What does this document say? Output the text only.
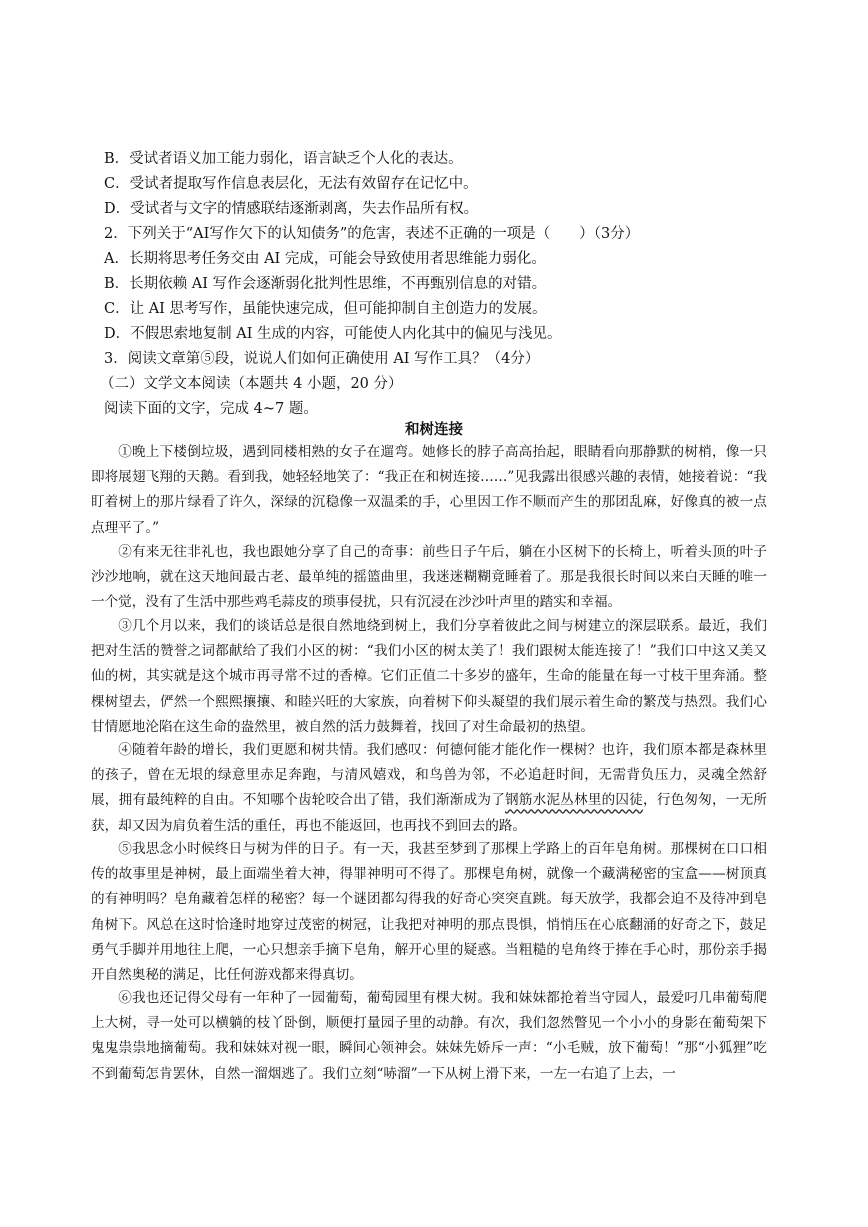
B．受试者语义加工能力弱化，语言缺乏个人化的表达。
C．受试者提取写作信息表层化，无法有效留存在记忆中。
D．受试者与文字的情感联结逐渐剥离，失去作品所有权。
2．下列关于“AI写作欠下的认知债务”的危害，表述不正确的一项是（　　）（3分）
A．长期将思考任务交由 AI 完成，可能会导致使用者思维能力弱化。
B．长期依赖 AI 写作会逐渐弱化批判性思维，不再甄别信息的对错。
C．让 AI 思考写作，虽能快速完成，但可能抑制自主创造力的发展。
D．不假思索地复制 AI 生成的内容，可能使人内化其中的偏见与浅见。
3．阅读文章第⑤段，说说人们如何正确使用 AI 写作工具？（4分）
（二）文学文本阅读（本题共 4 小题，20 分）
阅读下面的文字，完成 4~7 题。
和树连接
①晚上下楼倒垃圾，遇到同楼相熟的女子在遛弯。她修长的脖子高高抬起，眼睛看向那静默的树梢，像一只即将展翅飞翔的天鹅。看到我，她轻轻地笑了：“我正在和树连接……”见我露出很感兴趣的表情，她接着说：“我盯着树上的那片绿看了许久，深绿的沉稳像一双温柔的手，心里因工作不顺而产生的那团乱麻，好像真的被一点点理平了。”
②有来无往非礼也，我也跟她分享了自己的奇事：前些日子午后，躺在小区树下的长椅上，听着头顶的叶子沙沙地响，就在这天地间最古老、最单纯的摇篮曲里，我迷迷糊糊竟睡着了。那是我很长时间以来白天睡的唯一一个觉，没有了生活中那些鸡毛蒜皮的琐事侵扰，只有沉浸在沙沙叶声里的踏实和幸福。
③几个月以来，我们的谈话总是很自然地绕到树上，我们分享着彼此之间与树建立的深层联系。最近，我们把对生活的赞誉之词都献给了我们小区的树：“我们小区的树太美了！我们跟树太能连接了！”我们口中这又美又仙的树，其实就是这个城市再寻常不过的香樟。它们正值二十多岁的盛年，生命的能量在每一寸枝干里奔涌。整棵树望去，俨然一个熙熙攘攘、和睦兴旺的大家族，向着树下仰头凝望的我们展示着生命的繁茂与热烈。我们心甘情愿地沦陷在这生命的盎然里，被自然的活力鼓舞着，找回了对生命最初的热望。
④随着年龄的增长，我们更愿和树共情。我们感叹：何德何能才能化作一棵树？也许，我们原本都是森林里的孩子，曾在无垠的绿意里赤足奔跑，与清风嬉戏，和鸟兽为邻，不必追赶时间，无需背负压力，灵魂全然舒展，拥有最纯粹的自由。不知哪个齿轮咬合出了错，我们渐渐成为了钢筋水泥丛林里的囚徒，行色匆匆，一无所获，却又因为肩负着生活的重任，再也不能返回，也再找不到回去的路。
⑤我思念小时候终日与树为伴的日子。有一天，我甚至梦到了那棵上学路上的百年皂角树。那棵树在口口相传的故事里是神树，最上面端坐着大神，得罪神明可不得了。那棵皂角树，就像一个藏满秘密的宝盒——树顶真的有神明吗？皂角藏着怎样的秘密？每一个谜团都勾得我的好奇心突突直跳。每天放学，我都会迫不及待冲到皂角树下。风总在这时恰逢时地穿过茂密的树冠，让我把对神明的那点畏惧，悄悄压在心底翻涌的好奇之下，鼓足勇气手脚并用地往上爬，一心只想亲手摘下皂角，解开心里的疑惑。当粗糙的皂角终于捧在手心时，那份亲手揭开自然奥秘的满足，比任何游戏都来得真切。
⑥我也还记得父母有一年种了一园葡萄，葡萄园里有棵大树。我和妹妹都抢着当守园人，最爱叼几串葡萄爬上大树，寻一处可以横躺的枝丫卧倒，顺便打量园子里的动静。有次，我们忽然瞥见一个小小的身影在葡萄架下鬼鬼祟祟地摘葡萄。我和妹妹对视一眼，瞬间心领神会。妹妹先娇斥一声：“小毛贼，放下葡萄！”那“小狐狸”吃不到葡萄怎肯罢休，自然一溜烟逃了。我们立刻“哧溜”一下从树上滑下来，一左一右追了上去，一
